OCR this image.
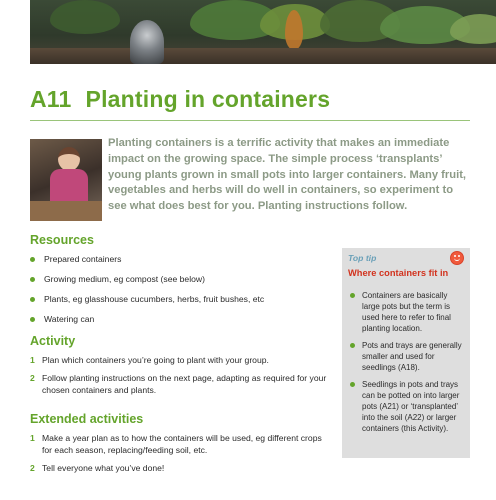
A11 Planting in containers

Planting containers is a terrific activity that makes an immediate impact on the growing space. The simple process ‘transplants’ young plants grown in small pots into larger containers. Many fruit, vegetables and herbs will do well in containers, so experiment to see what does best for you. Planting instructions follow.

Resources
Prepared containers
Growing medium, eg compost (see below)
Plants, eg glasshouse cucumbers, herbs, fruit bushes, etc
Watering can
Activity
1 Plan which containers you’re going to plant with your group.
2 Follow planting instructions on the next page, adapting as required for your chosen containers and plants.
Extended activities
1 Make a year plan as to how the containers will be used, eg different crops for each season, replacing/feeding soil, etc.
2 Tell everyone what you’ve done!
Top tip
Where containers fit in
Containers are basically large pots but the term is used here to refer to final planting location.
Pots and trays are generally smaller and used for seedlings (A18).
Seedlings in pots and trays can be potted on into larger pots (A21) or ‘transplanted’ into the soil (A22) or larger containers (this Activity).
